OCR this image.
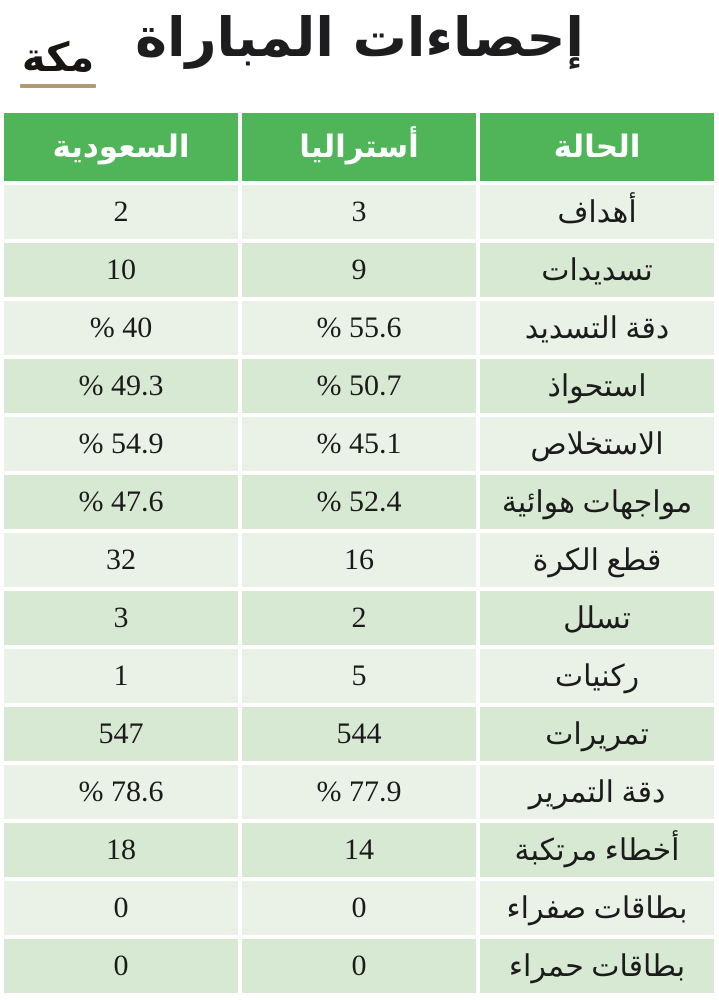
مكة إحصاءات المباراة
الحالة
أستراليا
السعودية
أهداف
3
2
تسديدات
9
10
دقة التسديد
% 55.6
% 40
استحواذ
% 50.7
% 49.3
الاستخلاص
% 45.1
% 54.9
مواجهات هوائية
% 52.4
% 47.6
قطع الكرة
16
32
تسلل
2
3
ركنيات
5
1
تمريرات
544
547
دقة التمرير
% 77.9
% 78.6
أخطاء مرتكبة
14
18
بطاقات صفراء
0
0
بطاقات حمراء
0
0
